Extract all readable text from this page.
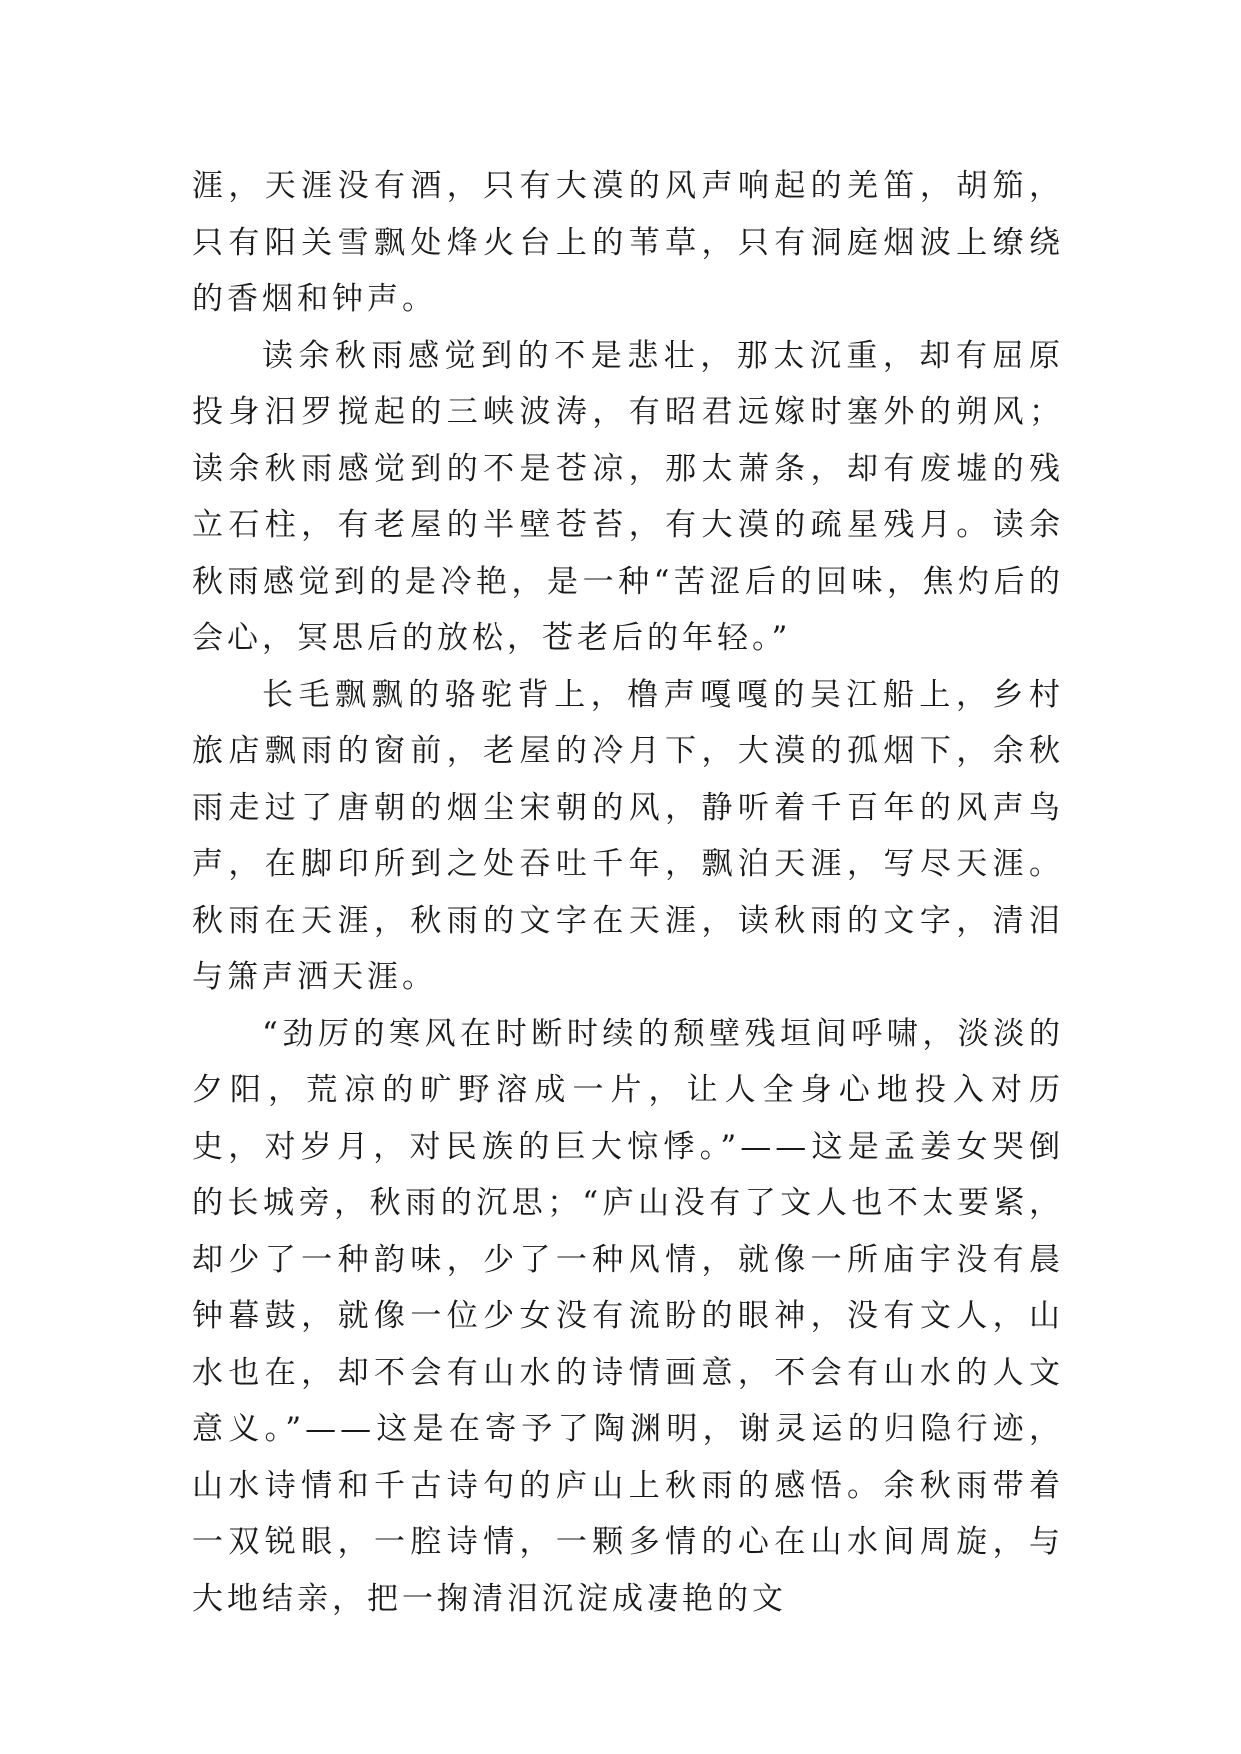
涯，天涯没有酒，只有大漠的风声响起的羌笛，胡笳，只有阳关雪飘处烽火台上的苇草，只有洞庭烟波上缭绕的香烟和钟声。

读余秋雨感觉到的不是悲壮，那太沉重，却有屈原投身汨罗搅起的三峡波涛，有昭君远嫁时塞外的朔风；读余秋雨感觉到的不是苍凉，那太萧条，却有废墟的残立石柱，有老屋的半壁苍苔，有大漠的疏星残月。读余秋雨感觉到的是冷艳，是一种“苦涩后的回味，焦灼后的会心，冥思后的放松，苍老后的年轻。”

长毛飘飘的骆驼背上，橹声嘎嘎的吴江船上，乡村旅店飘雨的窗前，老屋的冷月下，大漠的孤烟下，余秋雨走过了唐朝的烟尘宋朝的风，静听着千百年的风声鸟声，在脚印所到之处吞吐千年，飘泊天涯，写尽天涯。秋雨在天涯，秋雨的文字在天涯，读秋雨的文字，清泪与箫声洒天涯。

“劲厉的寒风在时断时续的颓壁残垣间呼啸，淡淡的夕阳，荒凉的旷野溶成一片，让人全身心地投入对历史，对岁月，对民族的巨大惊悸。”——这是孟姜女哭倒的长城旁，秋雨的沉思；“庐山没有了文人也不太要紧，却少了一种韵味，少了一种风情，就像一所庙宇没有晨钟暮鼓，就像一位少女没有流盼的眼神，没有文人，山水也在，却不会有山水的诗情画意，不会有山水的人文意义。”——这是在寄予了陶渊明，谢灵运的归隐行迹，山水诗情和千古诗句的庐山上秋雨的感悟。余秋雨带着一双锐眼，一腔诗情，一颗多情的心在山水间周旋，与大地结亲，把一掬清泪沉淀成凄艳的文
